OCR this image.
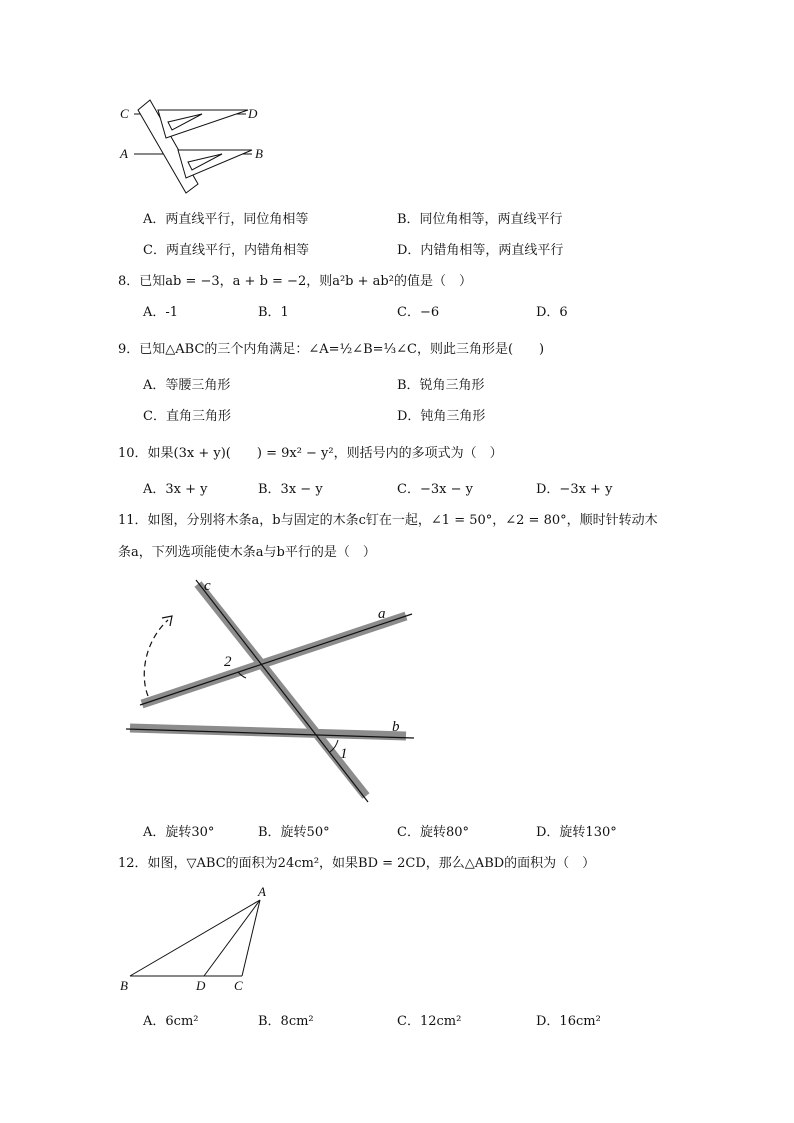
C	D
A	B
A．两直线平行，同位角相等	B．同位角相等，两直线平行
C．两直线平行，内错角相等	D．内错角相等，两直线平行
8．已知ab = −3，a + b = −2，则a²b + ab²的值是（　）
A．-1	B．1	C．−6	D．6
9．已知△ABC的三个内角满足：∠A=½∠B=⅓∠C，则此三角形是(　　)
A．等腰三角形	B．锐角三角形
C．直角三角形	D．钝角三角形
10．如果(3x + y)(　　) = 9x² − y²，则括号内的多项式为（　）
A．3x + y	B．3x − y	C．−3x − y	D．−3x + y
11．如图，分别将木条a，b与固定的木条c钉在一起，∠1 = 50°，∠2 = 80°，顺时针转动木
条a，下列选项能使木条a与b平行的是（　）
c
a
b
2
1
A．旋转30°	B．旋转50°	C．旋转80°	D．旋转130°
12．如图，▽ABC的面积为24cm²，如果BD = 2CD，那么△ABD的面积为（　）
A
B	D C
A．6cm²	B．8cm²	C．12cm²	D．16cm²
